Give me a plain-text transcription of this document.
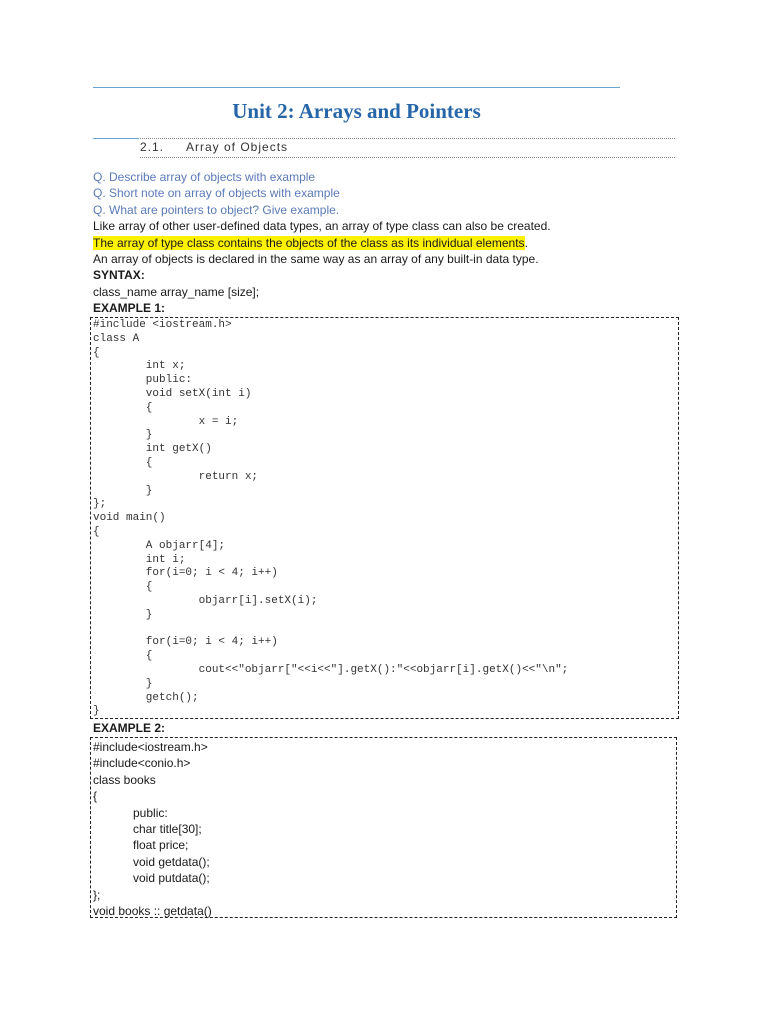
Unit 2: Arrays and Pointers
2.1. Array of Objects
Q. Describe array of objects with example
Q. Short note on array of objects with example
Q. What are pointers to object? Give example.
Like array of other user-defined data types, an array of type class can also be created.
The array of type class contains the objects of the class as its individual elements.
An array of objects is declared in the same way as an array of any built-in data type.
SYNTAX:
class_name array_name [size];
EXAMPLE 1:
#include <iostream.h>
class A
{
int x;
public:
void setX(int i)
{
x = i;
}
int getX()
{
return x;
}
};
void main()
{
A objarr[4];
int i;
for(i=0; i < 4; i++)
{
objarr[i].setX(i);
}

for(i=0; i < 4; i++)
{
cout<<"objarr["<<i<<"].getX():"<<objarr[i].getX()<<"\n";
}
getch();
}
EXAMPLE 2:
#include<iostream.h>
#include<conio.h>
class books
{
public:
char title[30];
float price;
void getdata();
void putdata();
};
void books :: getdata()
